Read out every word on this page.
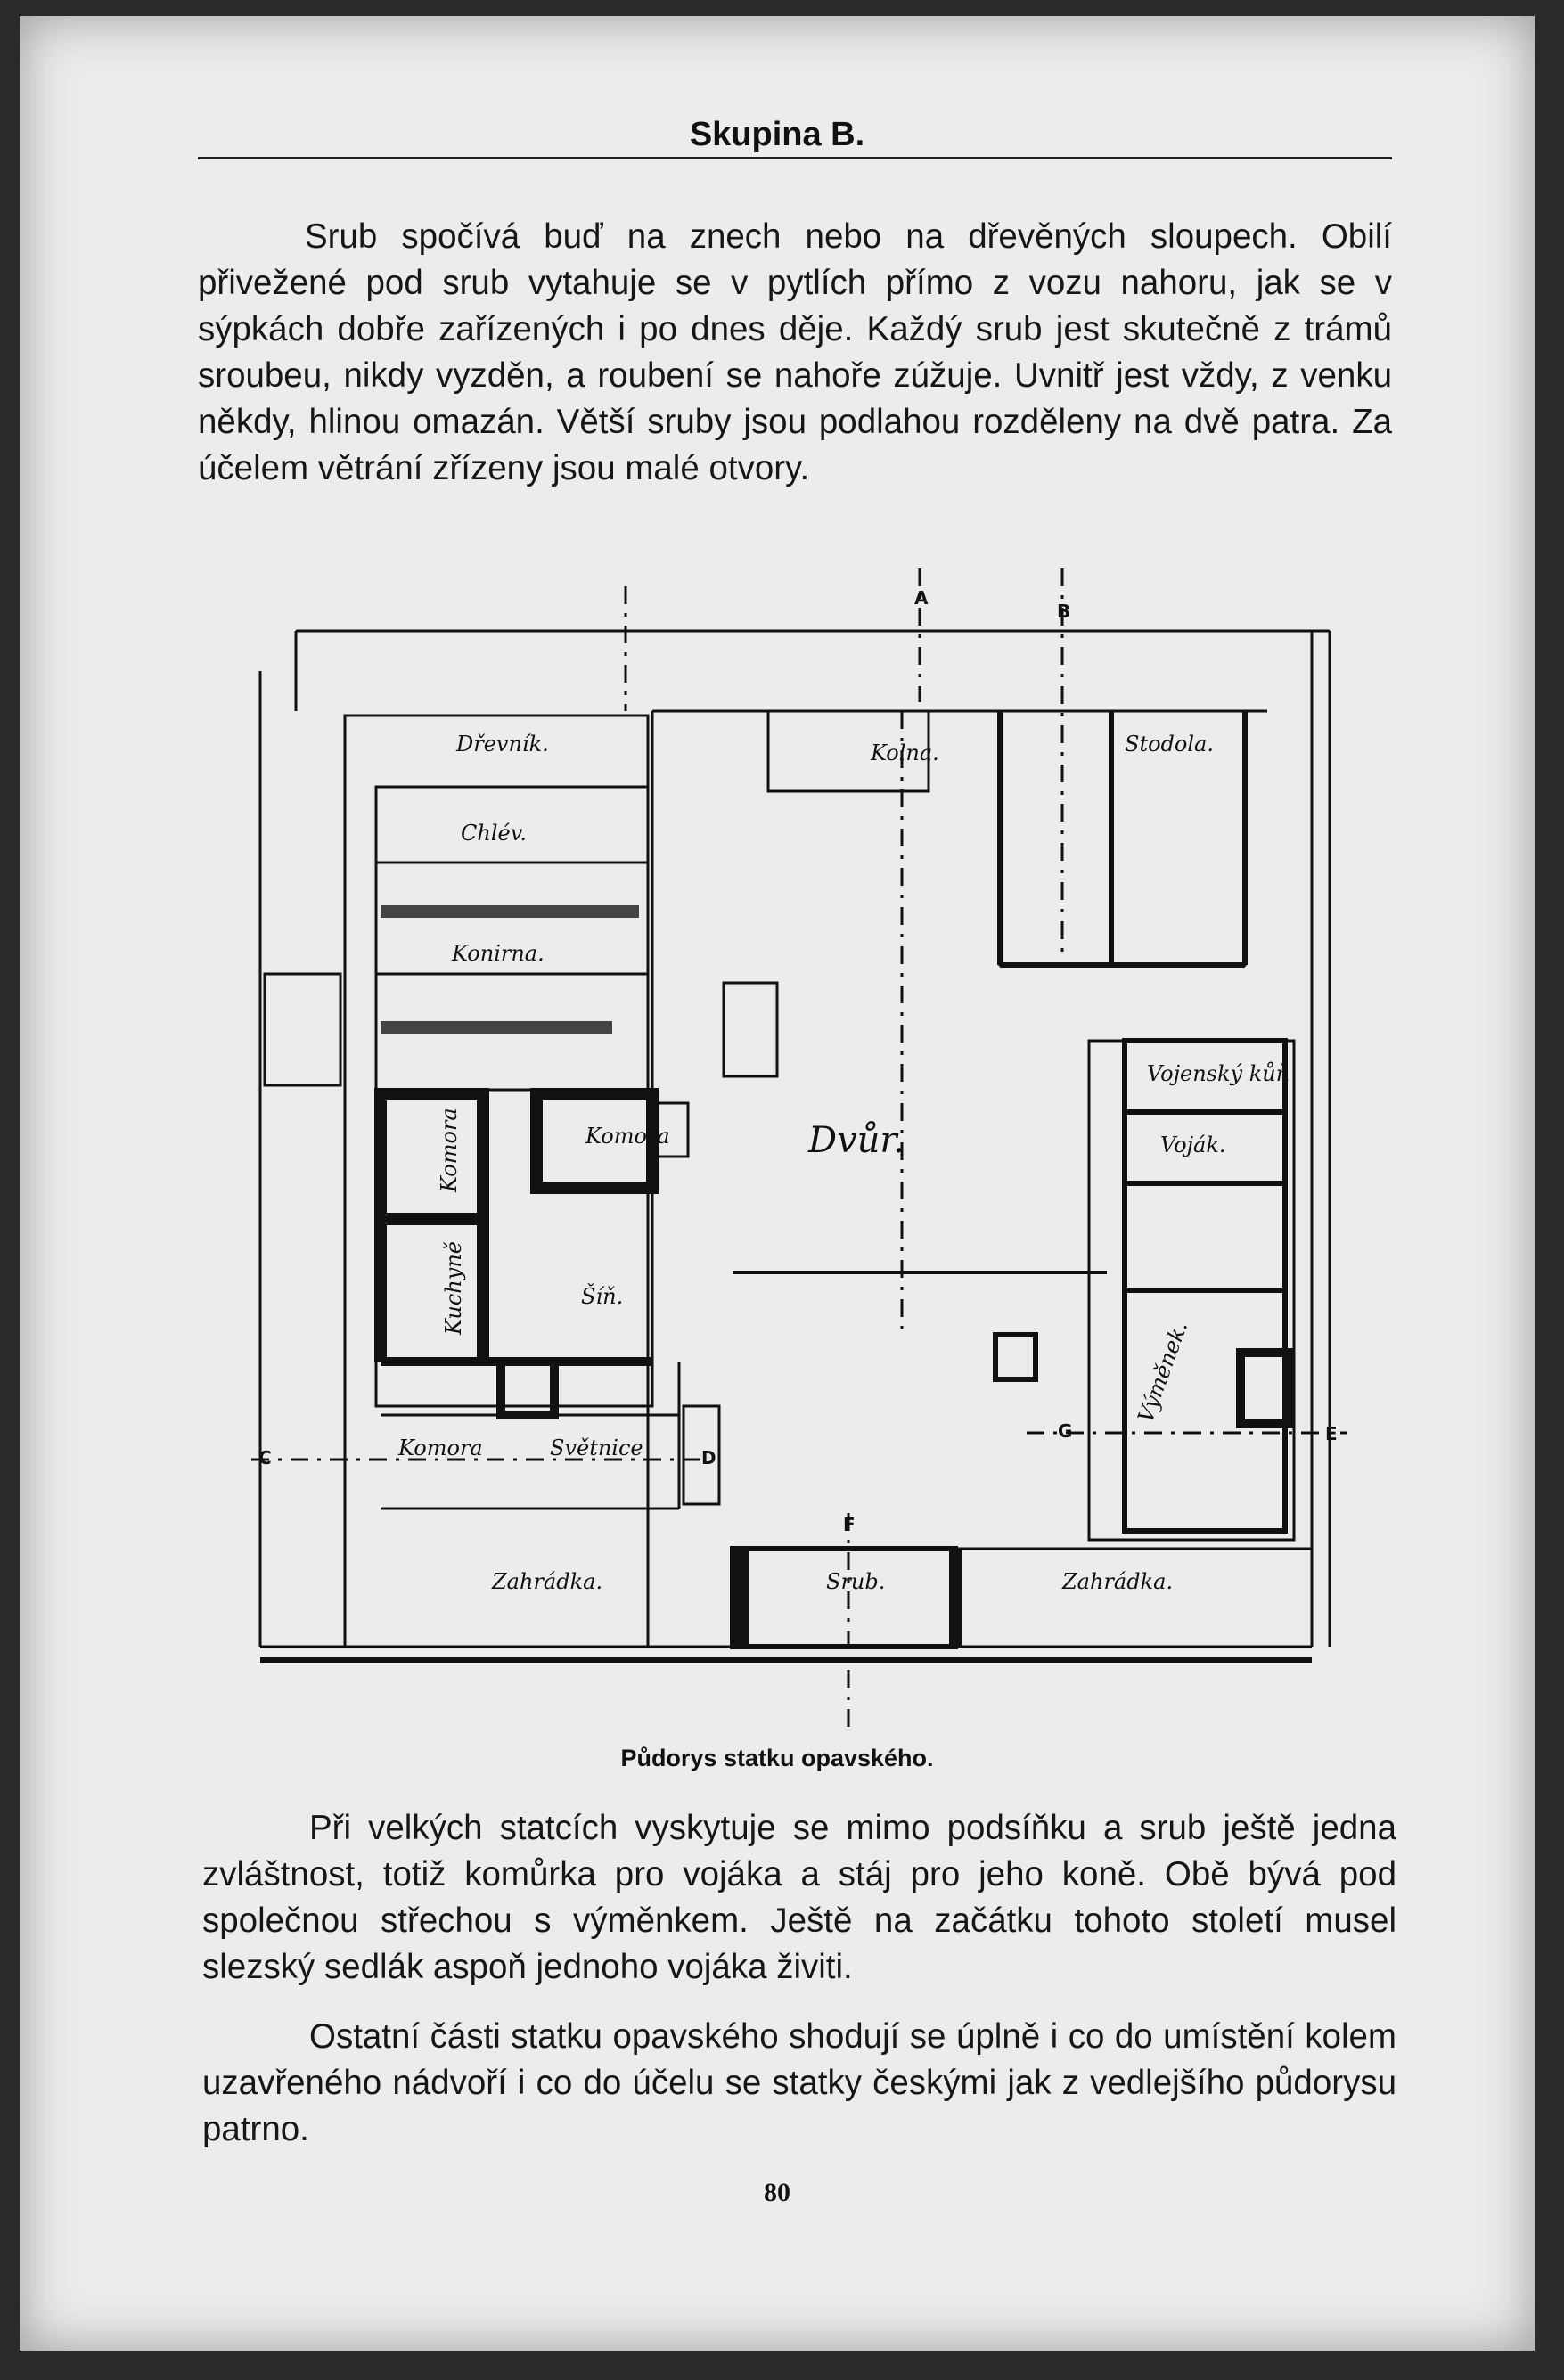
Skupina B.

Srub spočívá buď na znech nebo na dřevěných sloupech. Obilí přivežené pod srub vytahuje se v pytlích přímo z vozu nahoru, jak se v sýpkách dobře zařízených i po dnes děje. Každý srub jest skutečně z trámů sroubeu, nikdy vyzděn, a roubení se nahoře zúžuje. Uvnitř jest vždy, z venku někdy, hlinou omazán. Větší sruby jsou podlahou rozděleny na dvě patra. Za účelem větrání zřízeny jsou malé otvory.

Dřevník.
Chlév.
Konirna.
Komora
Komora
Kuchyně	Šíň.
Komora	Světnice
Zahrádka.	Srub.	Zahrádka.
Kolna.	Stodola.
Dvůr.
Vojenský kůň
Voják.
Výměnek.
C	D
G	E
A
B
F
Půdorys statku opavského.

Při velkých statcích vyskytuje se mimo podsíňku a srub ještě jedna zvláštnost, totiž komůrka pro vojáka a stáj pro jeho koně. Obě bývá pod společnou střechou s výměnkem. Ještě na začátku tohoto století musel slezský sedlák aspoň jednoho vojáka živiti.

Ostatní části statku opavského shodují se úplně i co do umístění kolem uzavřeného nádvoří i co do účelu se statky českými jak z vedlejšího půdorysu patrno.

80
